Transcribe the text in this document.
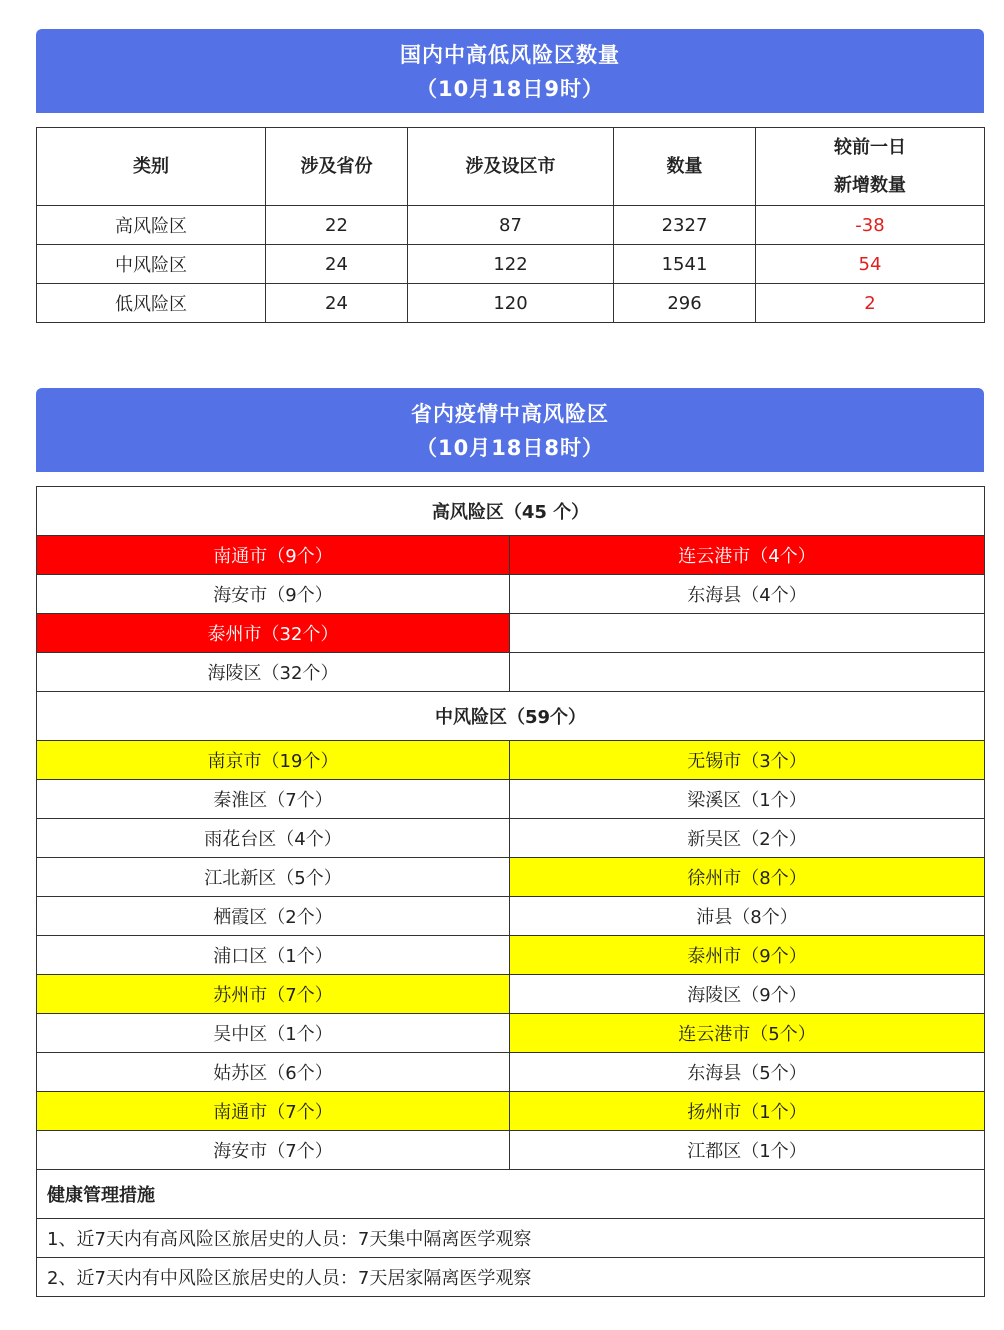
国内中高低风险区数量
（10月18日9时）
类别	涉及省份	涉及设区市	数量	较前一日
新增数量

高风险区	22	87	2327	-38
中风险区	24	122	1541	54
低风险区	24	120	296	2
省内疫情中高风险区
（10月18日8时）
高风险区（45 个）	
南通市（9个）	连云港市（4个）
海安市（9个）	东海县（4个）
泰州市（32个）	
海陵区（32个）	
中风险区（59个）	
南京市（19个）	无锡市（3个）
秦淮区（7个）	梁溪区（1个）
雨花台区（4个）	新吴区（2个）
江北新区（5个）	徐州市（8个）
栖霞区（2个）	沛县（8个）
浦口区（1个）	泰州市（9个）
苏州市（7个）	海陵区（9个）
吴中区（1个）	连云港市（5个）
姑苏区（6个）	东海县（5个）
南通市（7个）	扬州市（1个）
海安市（7个）	江都区（1个）
健康管理措施	
1、近7天内有高风险区旅居史的人员：7天集中隔离医学观察	
2、近7天内有中风险区旅居史的人员：7天居家隔离医学观察	
